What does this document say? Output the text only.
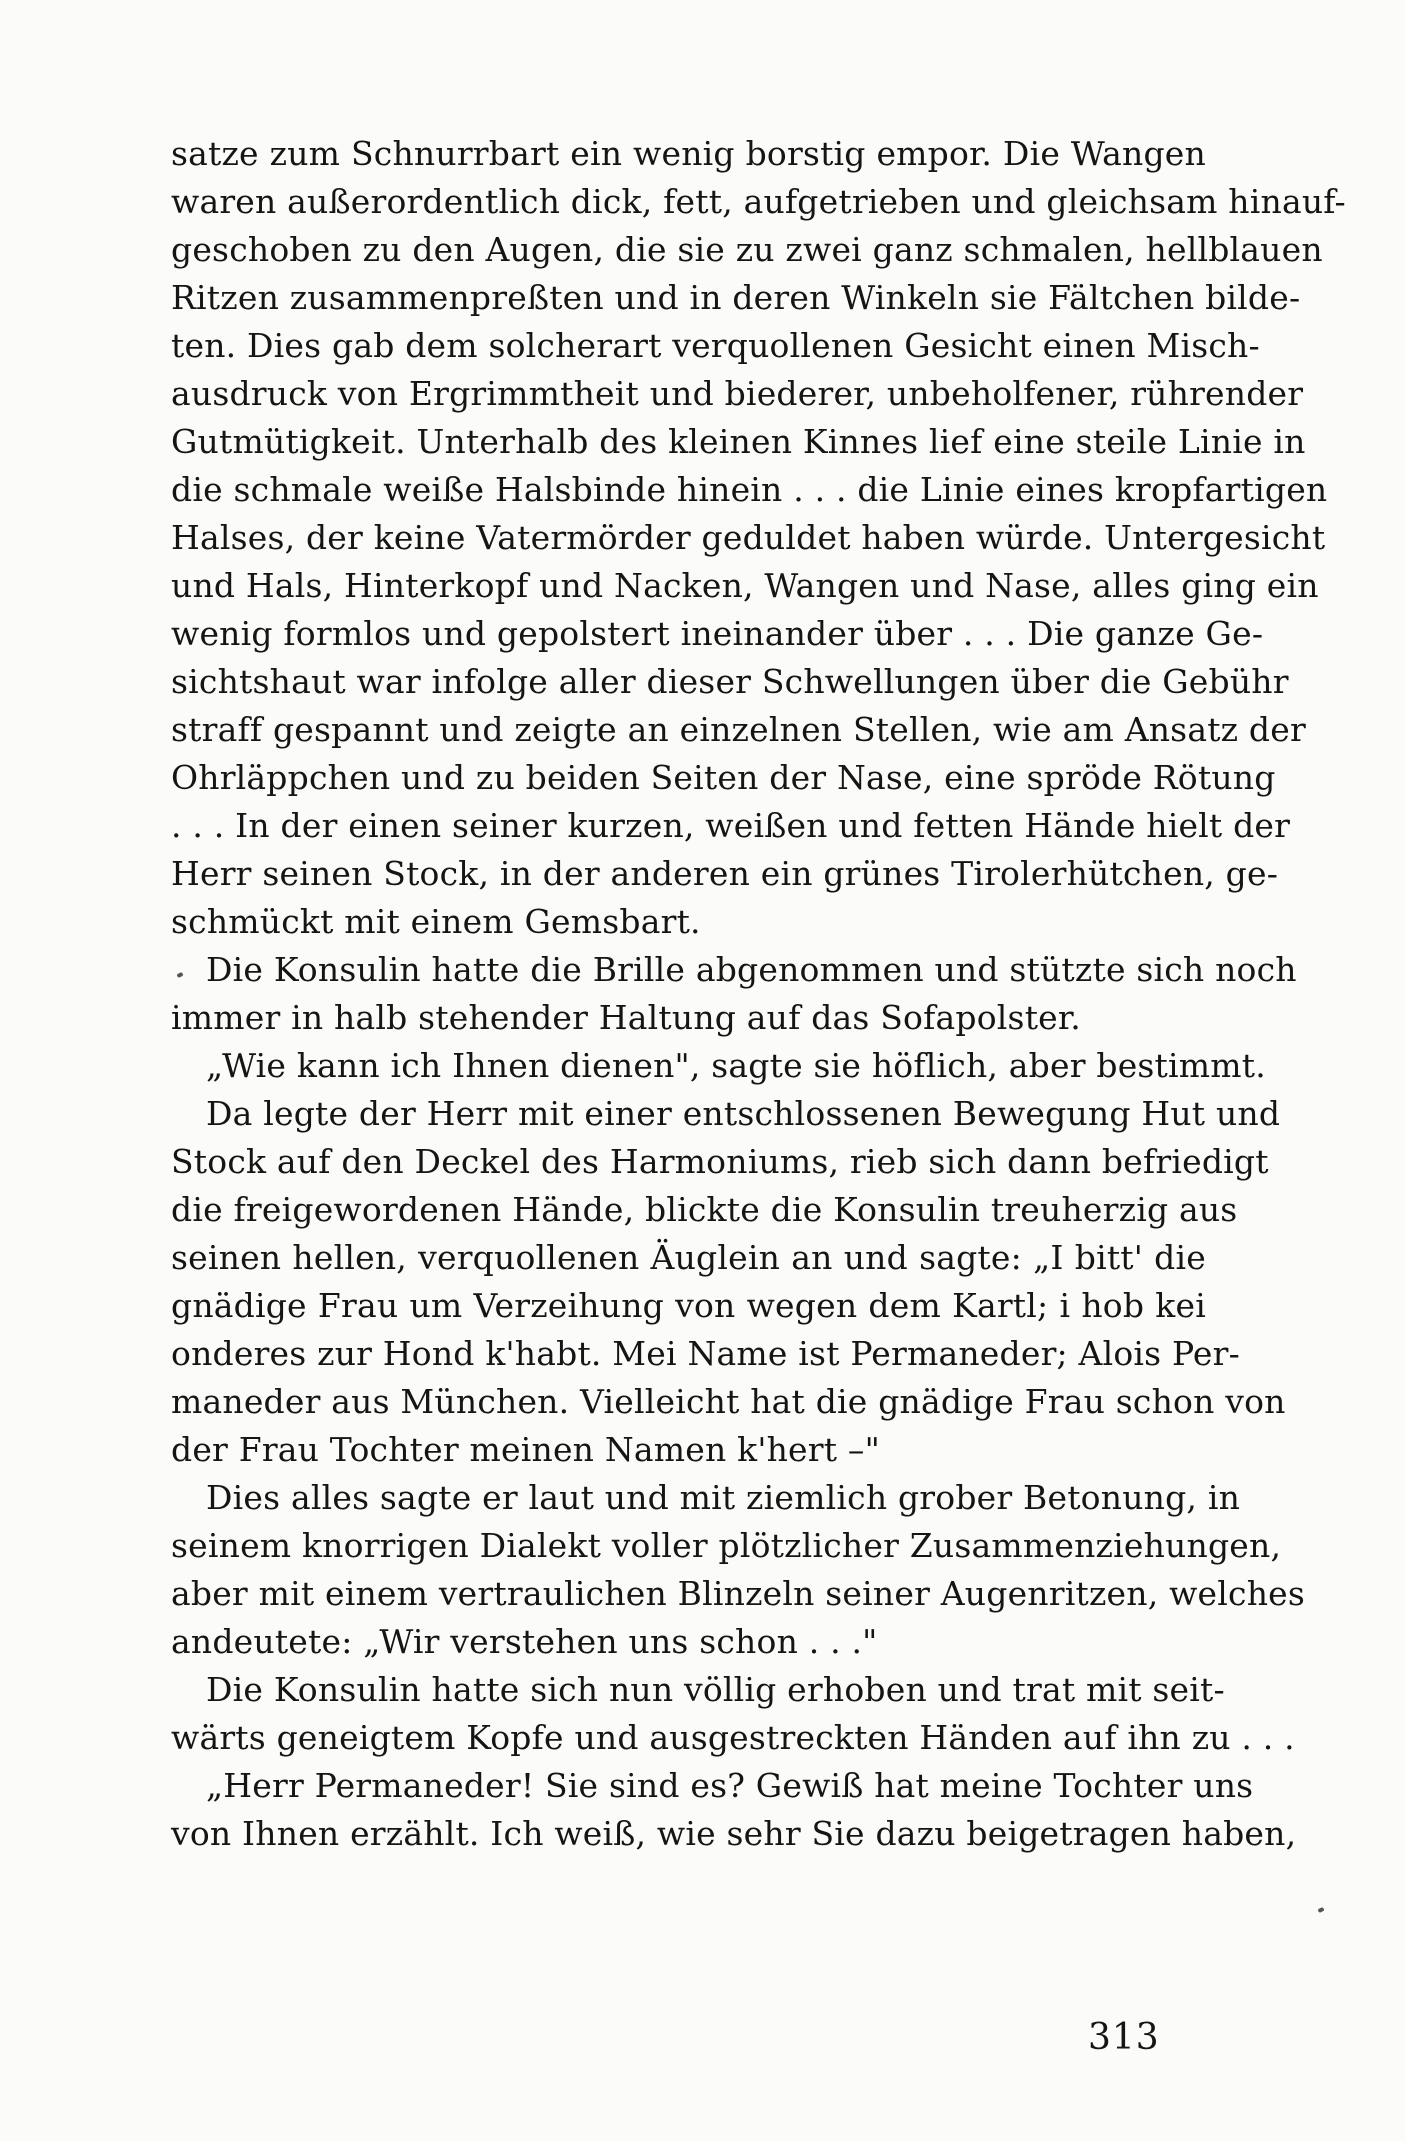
satze zum Schnurrbart ein wenig borstig empor. Die Wangen
waren außerordentlich dick, fett, aufgetrieben und gleichsam hinauf-
geschoben zu den Augen, die sie zu zwei ganz schmalen, hellblauen
Ritzen zusammenpreßten und in deren Winkeln sie Fältchen bilde-
ten. Dies gab dem solcherart verquollenen Gesicht einen Misch-
ausdruck von Ergrimmtheit und biederer, unbeholfener, rührender
Gutmütigkeit. Unterhalb des kleinen Kinnes lief eine steile Linie in
die schmale weiße Halsbinde hinein . . . die Linie eines kropfartigen
Halses, der keine Vatermörder geduldet haben würde. Untergesicht
und Hals, Hinterkopf und Nacken, Wangen und Nase, alles ging ein
wenig formlos und gepolstert ineinander über . . . Die ganze Ge-
sichtshaut war infolge aller dieser Schwellungen über die Gebühr
straff gespannt und zeigte an einzelnen Stellen, wie am Ansatz der
Ohrläppchen und zu beiden Seiten der Nase, eine spröde Rötung
. . . In der einen seiner kurzen, weißen und fetten Hände hielt der
Herr seinen Stock, in der anderen ein grünes Tirolerhütchen, ge-
schmückt mit einem Gemsbart.
Die Konsulin hatte die Brille abgenommen und stützte sich noch
immer in halb stehender Haltung auf das Sofapolster.
„Wie kann ich Ihnen dienen", sagte sie höflich, aber bestimmt.
Da legte der Herr mit einer entschlossenen Bewegung Hut und
Stock auf den Deckel des Harmoniums, rieb sich dann befriedigt
die freigewordenen Hände, blickte die Konsulin treuherzig aus
seinen hellen, verquollenen Äuglein an und sagte: „I bitt' die
gnädige Frau um Verzeihung von wegen dem Kartl; i hob kei
onderes zur Hond k'habt. Mei Name ist Permaneder; Alois Per-
maneder aus München. Vielleicht hat die gnädige Frau schon von
der Frau Tochter meinen Namen k'hert –"
Dies alles sagte er laut und mit ziemlich grober Betonung, in
seinem knorrigen Dialekt voller plötzlicher Zusammenziehungen,
aber mit einem vertraulichen Blinzeln seiner Augenritzen, welches
andeutete: „Wir verstehen uns schon . . ."
Die Konsulin hatte sich nun völlig erhoben und trat mit seit-
wärts geneigtem Kopfe und ausgestreckten Händen auf ihn zu . . .
„Herr Permaneder! Sie sind es? Gewiß hat meine Tochter uns
von Ihnen erzählt. Ich weiß, wie sehr Sie dazu beigetragen haben,
313
